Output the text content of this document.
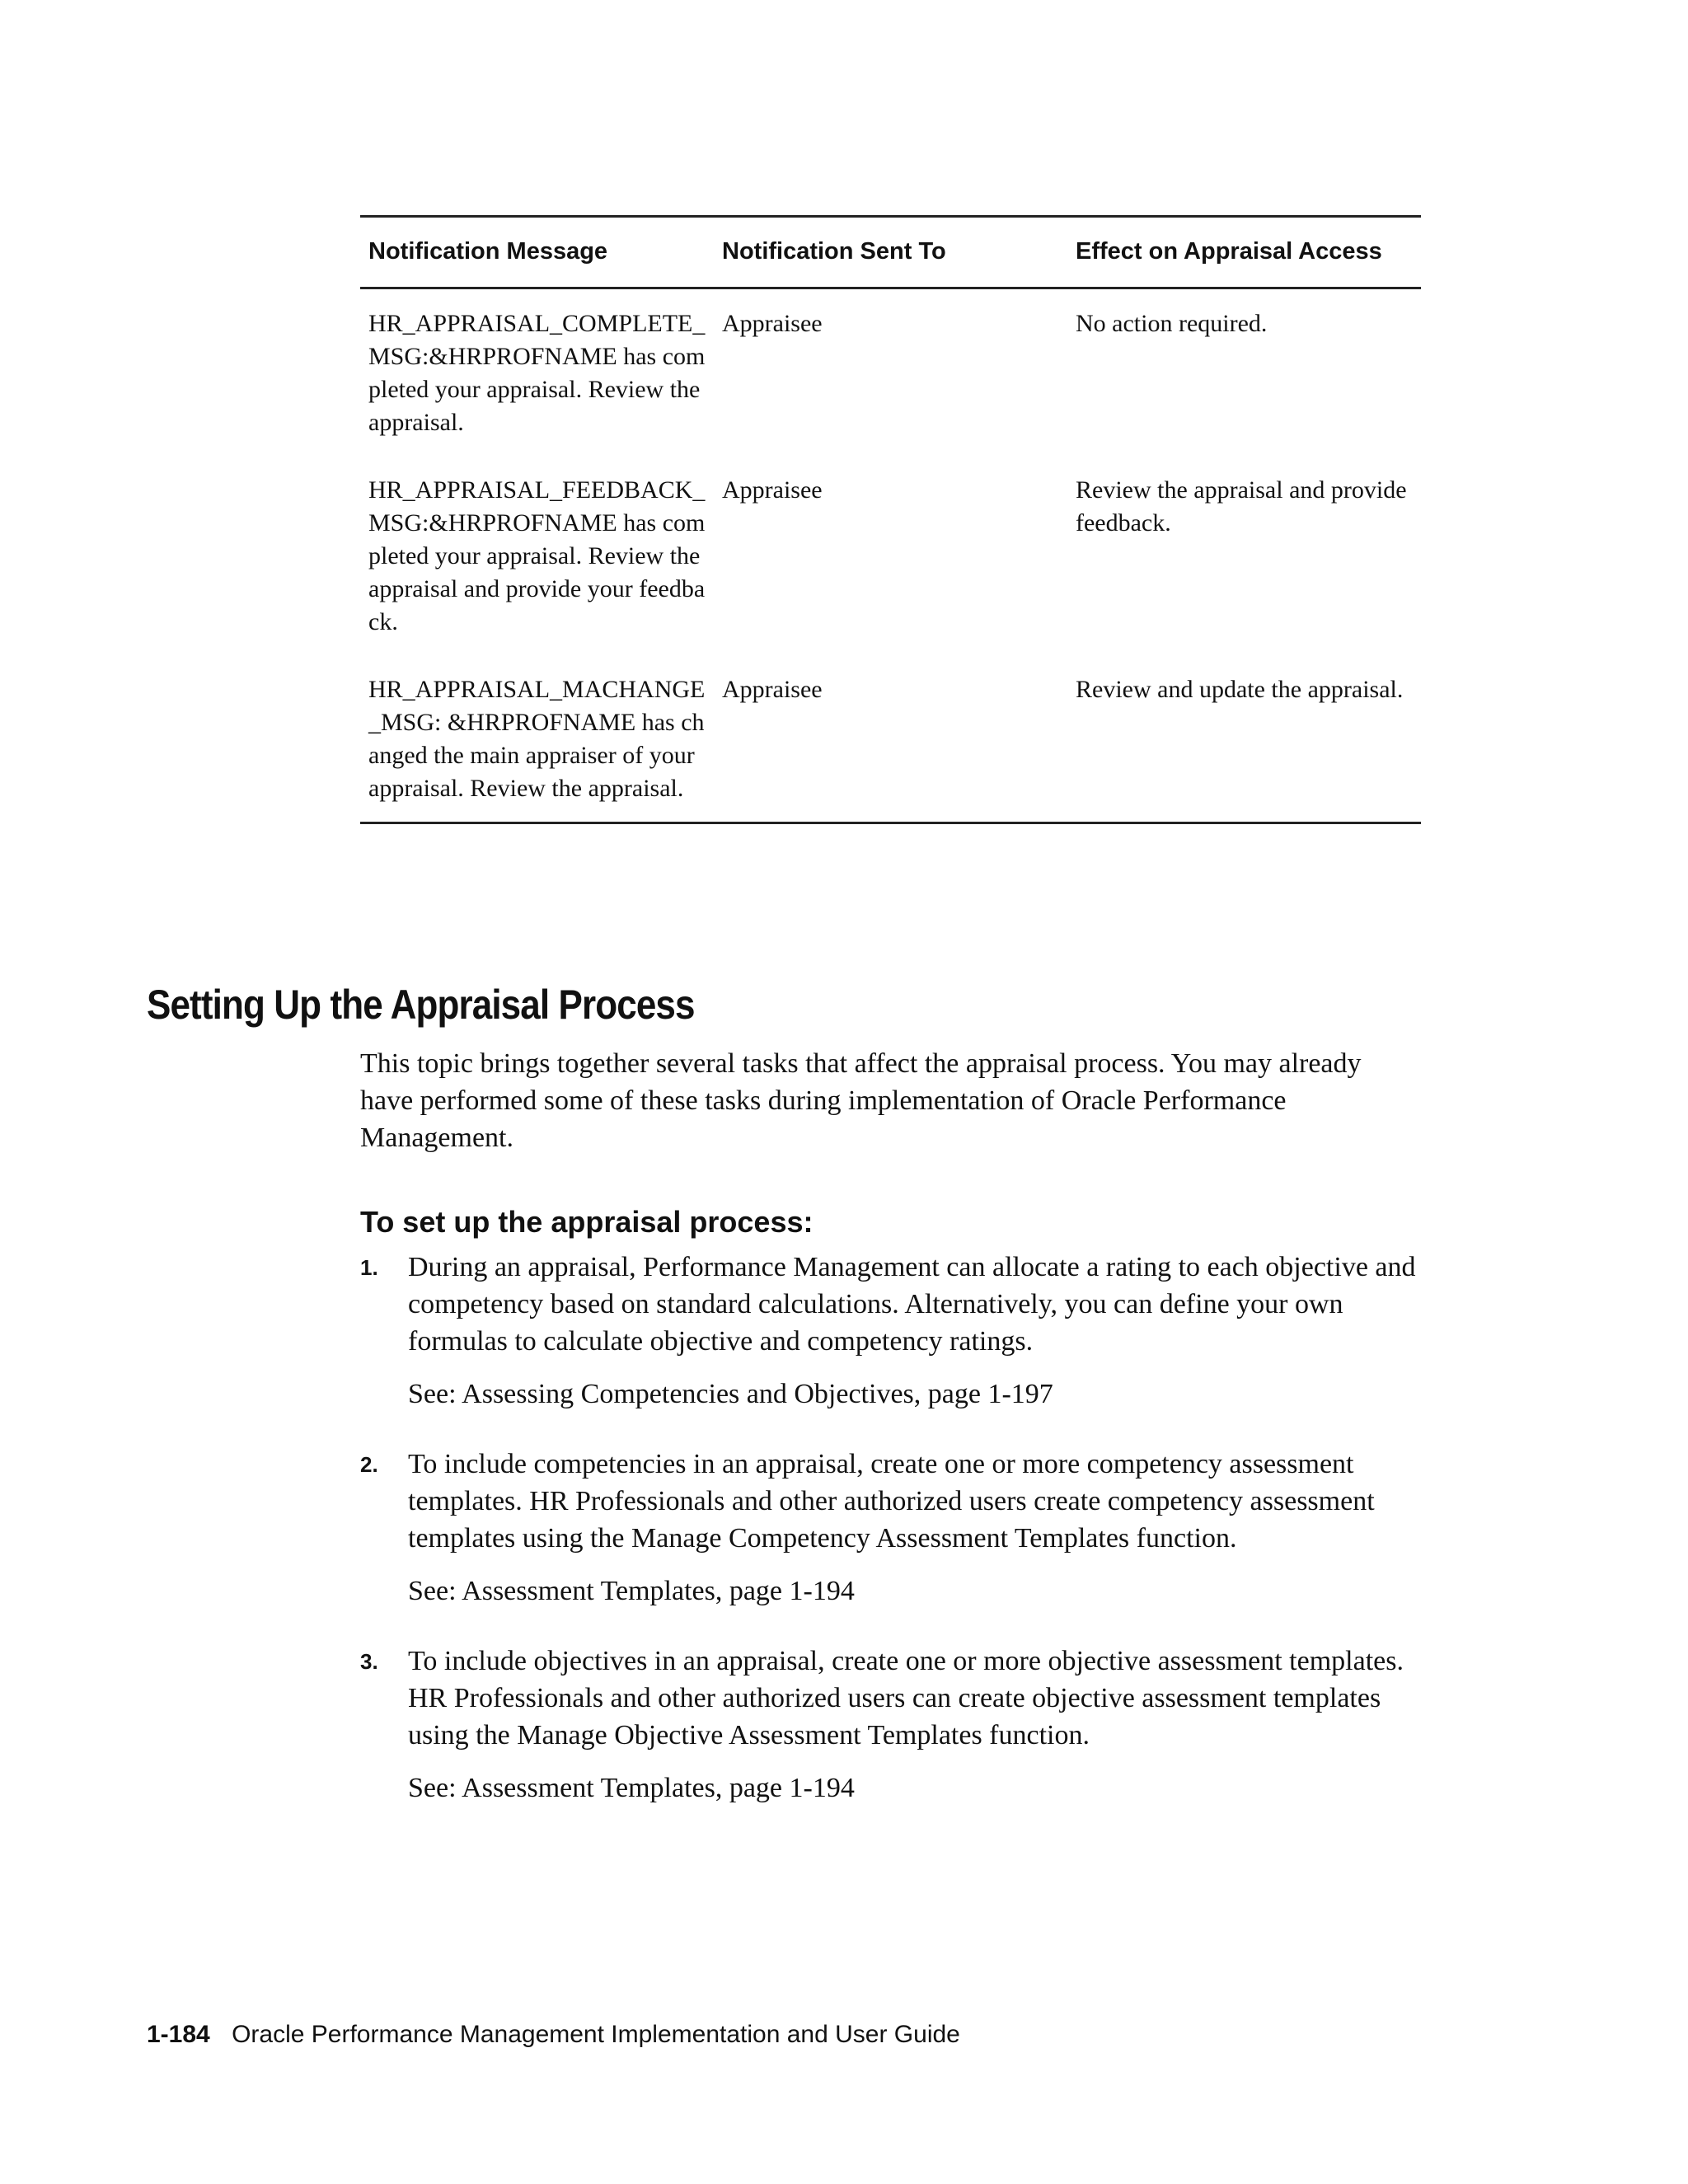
Notification Message	Notification Sent To	Effect on Appraisal Access

HR_APPRAISAL_COMPLETE_MSG:&HRPROFNAME has completed your appraisal. Review the appraisal.	Appraisee	No action required.

HR_APPRAISAL_FEEDBACK_MSG:&HRPROFNAME has completed your appraisal. Review the appraisal and provide your feedback.	Appraisee	Review the appraisal and provide feedback.

HR_APPRAISAL_MACHANGE_MSG: &HRPROFNAME has changed the main appraiser of your appraisal. Review the appraisal.	Appraisee	Review and update the appraisal.
Setting Up the Appraisal Process

This topic brings together several tasks that affect the appraisal process. You may already have performed some of these tasks during implementation of Oracle Performance Management.

To set up the appraisal process:
1. During an appraisal, Performance Management can allocate a rating to each objective and competency based on standard calculations. Alternatively, you can define your own formulas to calculate objective and competency ratings.

See: Assessing Competencies and Objectives, page 1-197

2. To include competencies in an appraisal, create one or more competency assessment templates. HR Professionals and other authorized users create competency assessment templates using the Manage Competency Assessment Templates function.

See: Assessment Templates, page 1-194

3. To include objectives in an appraisal, create one or more objective assessment templates. HR Professionals and other authorized users can create objective assessment templates using the Manage Objective Assessment Templates function.

See: Assessment Templates, page 1-194

1-184 Oracle Performance Management Implementation and User Guide
